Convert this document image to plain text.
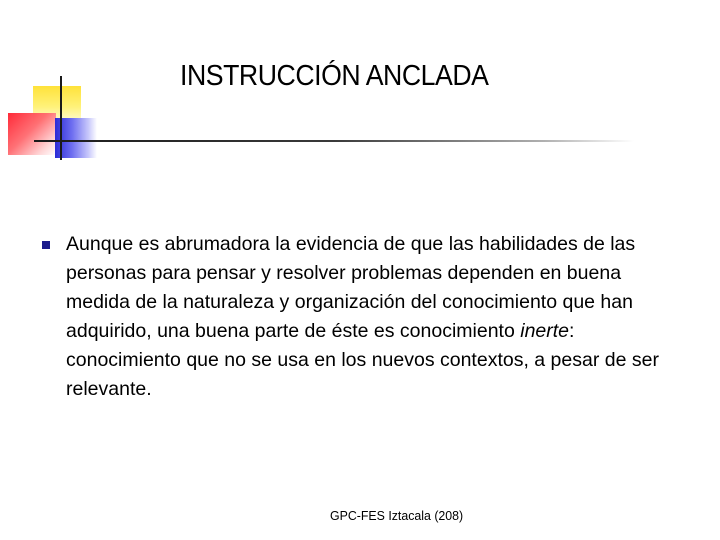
INSTRUCCIÓN ANCLADA
Aunque es abrumadora la evidencia de que las habilidades de las personas para pensar y resolver problemas dependen en buena medida de la naturaleza y organización del conocimiento que han adquirido, una buena parte de éste es conocimiento inerte: conocimiento que no se usa en los nuevos contextos, a pesar de ser relevante.
GPC-FES Iztacala (208)
